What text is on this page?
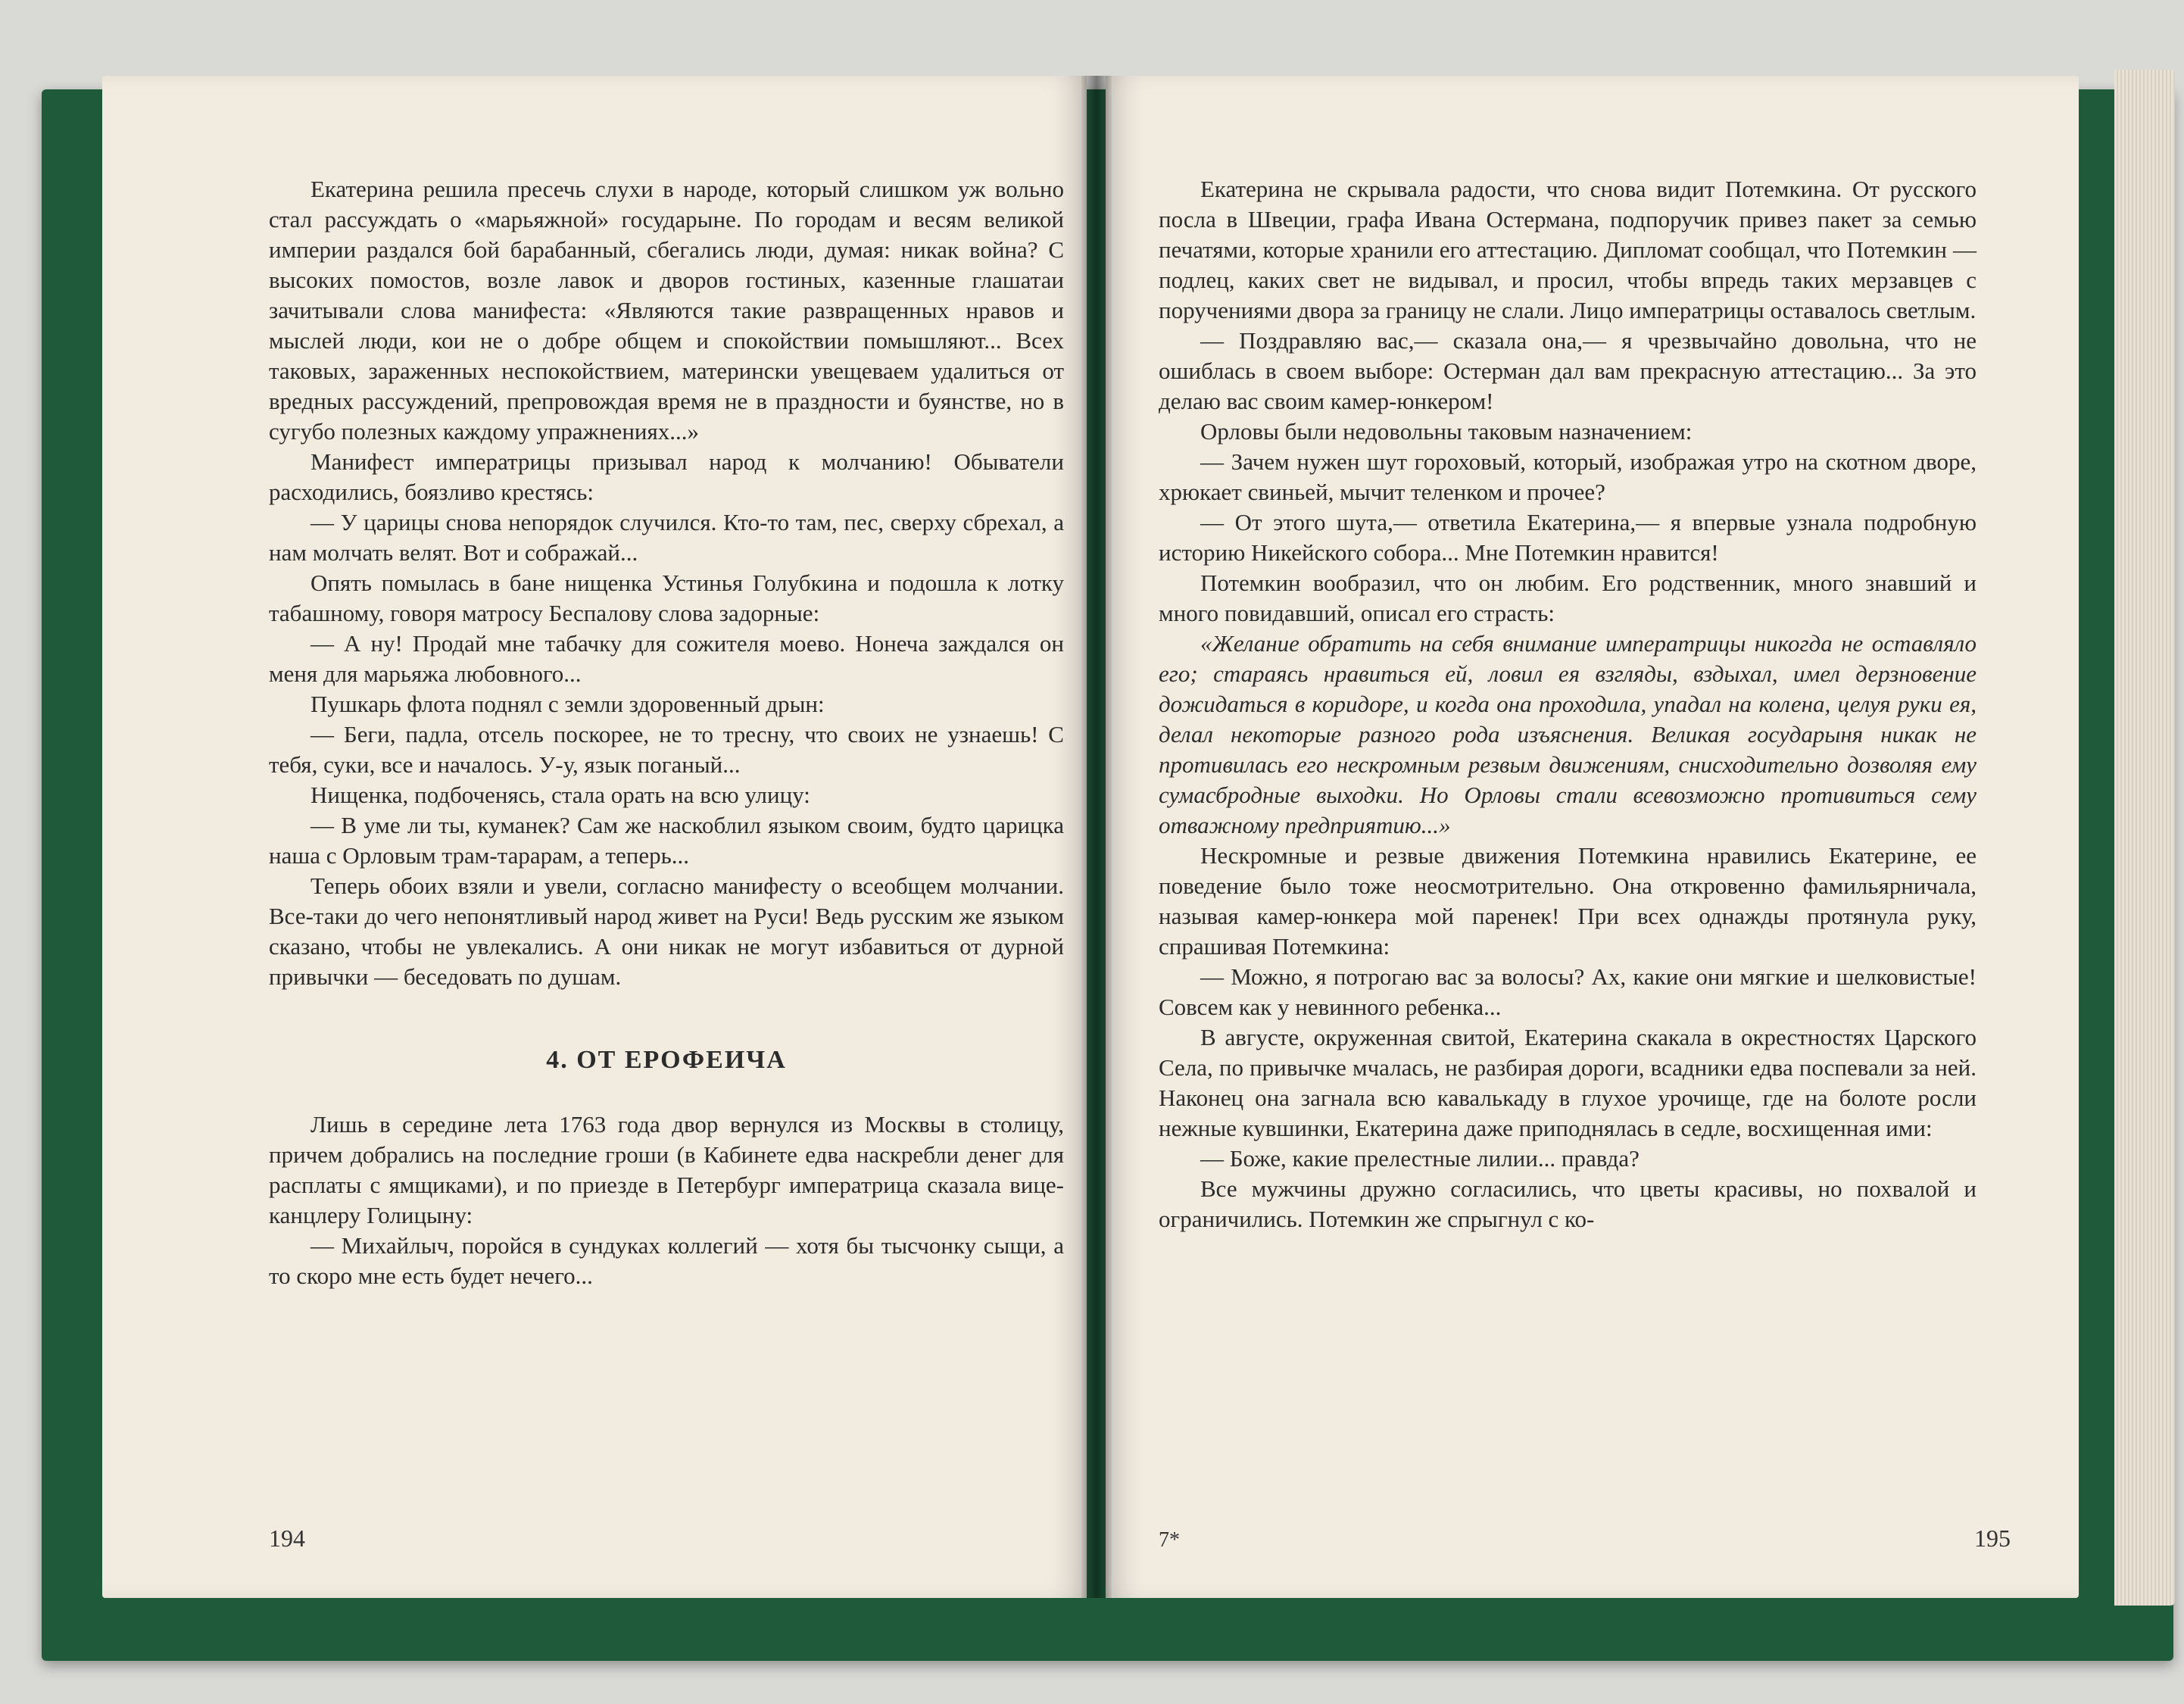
Екатерина решила пресечь слухи в народе, который слишком уж вольно стал рассуждать о «марьяжной» государыне. По городам и весям великой империи раздался бой барабанный, сбегались люди, думая: никак война? С высоких помостов, возле лавок и дворов гостиных, казенные глашатаи зачитывали слова манифеста: «Являются такие развращенных нравов и мыслей люди, кои не о добре общем и спокойствии помышляют... Всех таковых, зараженных неспокойствием, матерински увещеваем удалиться от вредных рассуждений, препровождая время не в праздности и буянстве, но в сугубо полезных каждому упражнениях...»

Манифест императрицы призывал народ к молчанию! Обыватели расходились, боязливо крестясь:

— У царицы снова непорядок случился. Кто-то там, пес, сверху сбрехал, а нам молчать велят. Вот и сображай...

Опять помылась в бане нищенка Устинья Голубкина и подошла к лотку табашному, говоря матросу Беспалову слова задорные:

— А ну! Продай мне табачку для сожителя моево. Нонеча заждался он меня для марьяжа любовного...

Пушкарь флота поднял с земли здоровенный дрын:

— Беги, падла, отсель поскорее, не то тресну, что своих не узнаешь! С тебя, суки, все и началось. У-у, язык поганый...

Нищенка, подбоченясь, стала орать на всю улицу:

— В уме ли ты, куманек? Сам же наскоблил языком своим, будто царицка наша с Орловым трам-тарарам, а теперь...

Теперь обоих взяли и увели, согласно манифесту о всеобщем молчании. Все-таки до чего непонятливый народ живет на Руси! Ведь русским же языком сказано, чтобы не увлекались. А они никак не могут избавиться от дурной привычки — беседовать по душам.

4. ОТ ЕРОФЕИЧА

Лишь в середине лета 1763 года двор вернулся из Москвы в столицу, причем добрались на последние гроши (в Кабинете едва наскребли денег для расплаты с ямщиками), и по приезде в Петербург императрица сказала вице-канцлеру Голицыну:

— Михайлыч, поройся в сундуках коллегий — хотя бы тысчонку сыщи, а то скоро мне есть будет нечего...

194

Екатерина не скрывала радости, что снова видит Потемкина. От русского посла в Швеции, графа Ивана Остермана, подпоручик привез пакет за семью печатями, которые хранили его аттестацию. Дипломат сообщал, что Потемкин — подлец, каких свет не видывал, и просил, чтобы впредь таких мерзавцев с поручениями двора за границу не слали. Лицо императрицы оставалось светлым.

— Поздравляю вас,— сказала она,— я чрезвычайно довольна, что не ошиблась в своем выборе: Остерман дал вам прекрасную аттестацию... За это делаю вас своим камер-юнкером!

Орловы были недовольны таковым назначением:

— Зачем нужен шут гороховый, который, изображая утро на скотном дворе, хрюкает свиньей, мычит теленком и прочее?

— От этого шута,— ответила Екатерина,— я впервые узнала подробную историю Никейского собора... Мне Потемкин нравится!

Потемкин вообразил, что он любим. Его родственник, много знавший и много повидавший, описал его страсть:

«Желание обратить на себя внимание императрицы никогда не оставляло его; стараясь нравиться ей, ловил ея взгляды, вздыхал, имел дерзновение дожидаться в коридоре, и когда она проходила, упадал на колена, целуя руки ея, делал некоторые разного рода изъяснения. Великая государыня никак не противилась его нескромным резвым движениям, снисходительно дозволяя ему сумасбродные выходки. Но Орловы стали всевозможно противиться сему отважному предприятию...»

Нескромные и резвые движения Потемкина нравились Екатерине, ее поведение было тоже неосмотрительно. Она откровенно фамильярничала, называя камер-юнкера мой паренек! При всех однажды протянула руку, спрашивая Потемкина:

— Можно, я потрогаю вас за волосы? Ах, какие они мягкие и шелковистые! Совсем как у невинного ребенка...

В августе, окруженная свитой, Екатерина скакала в окрестностях Царского Села, по привычке мчалась, не разбирая дороги, всадники едва поспевали за ней. Наконец она загнала всю кавалькаду в глухое урочище, где на болоте росли нежные кувшинки, Екатерина даже приподнялась в седле, восхищенная ими:

— Боже, какие прелестные лилии... правда?

Все мужчины дружно согласились, что цветы красивы, но похвалой и ограничились. Потемкин же спрыгнул с ко-

7*	195
